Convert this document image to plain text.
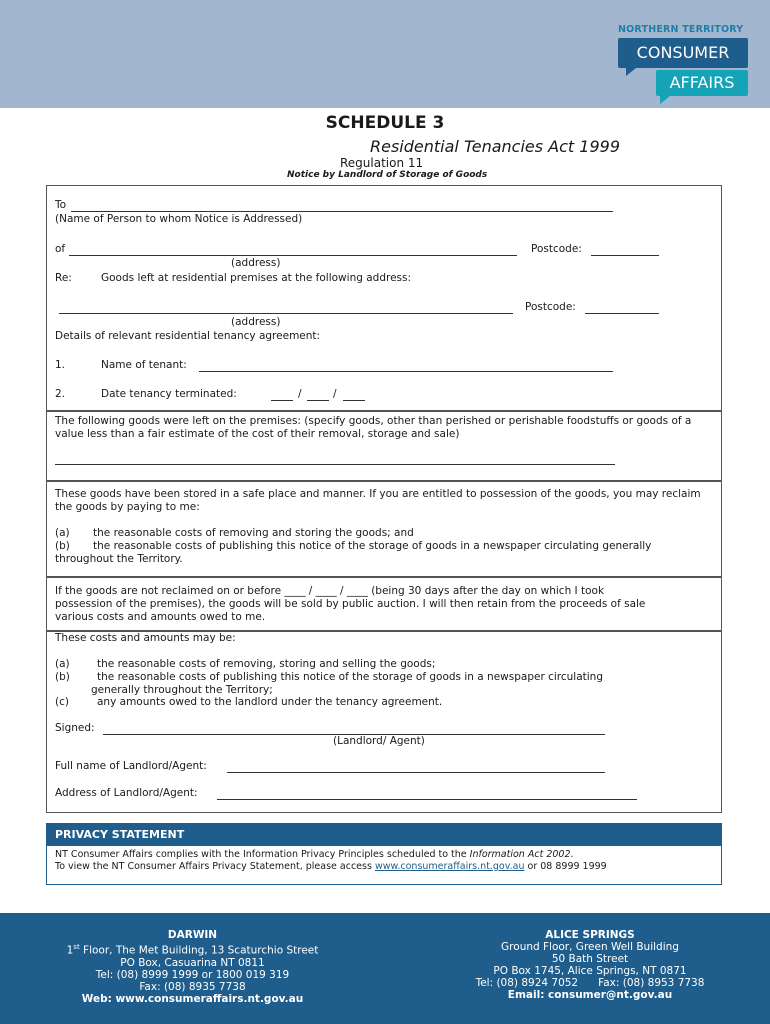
NORTHERN TERRITORY
CONSUMER
AFFAIRS
SCHEDULE 3
Residential Tenancies Act 1999
Regulation 11
Notice by Landlord of Storage of Goods
To
(Name of Person to whom Notice is Addressed)
of	Postcode:
(address)
Re:	Goods left at residential premises at the following address:
Postcode:
(address)
Details of relevant residential tenancy agreement:
1.	Name of tenant:
2.	Date tenancy terminated:	/	/
The following goods were left on the premises: (specify goods, other than perished or perishable foodstuffs or goods of a value less than a fair estimate of the cost of their removal, storage and sale)
These goods have been stored in a safe place and manner. If you are entitled to possession of the goods, you may reclaim the goods by paying to me:
(a) the reasonable costs of removing and storing the goods; and
(b) the reasonable costs of publishing this notice of the storage of goods in a newspaper circulating generally
throughout the Territory.
If the goods are not reclaimed on or before ____ / ____ / ____ (being 30 days after the day on which I took
possession of the premises), the goods will be sold by public auction. I will then retain from the proceeds of sale
various costs and amounts owed to me.
These costs and amounts may be:
(a)	the reasonable costs of removing, storing and selling the goods;
(b)	the reasonable costs of publishing this notice of the storage of goods in a newspaper circulating
generally throughout the Territory;
(c)	any amounts owed to the landlord under the tenancy agreement.
Signed:
(Landlord/ Agent)
Full name of Landlord/Agent:
Address of Landlord/Agent:
PRIVACY STATEMENT
NT Consumer Affairs complies with the Information Privacy Principles scheduled to the Information Act 2002.
To view the NT Consumer Affairs Privacy Statement, please access www.consumeraffairs.nt.gov.au or 08 8999 1999
DARWIN
1st Floor, The Met Building, 13 Scaturchio Street
PO Box, Casuarina NT 0811
Tel: (08) 8999 1999 or 1800 019 319
Fax: (08) 8935 7738
Web: www.consumeraffairs.nt.gov.au
ALICE SPRINGS
Ground Floor, Green Well Building
50 Bath Street
PO Box 1745, Alice Springs, NT 0871
Tel: (08) 8924 7052      Fax: (08) 8953 7738
Email: consumer@nt.gov.au
